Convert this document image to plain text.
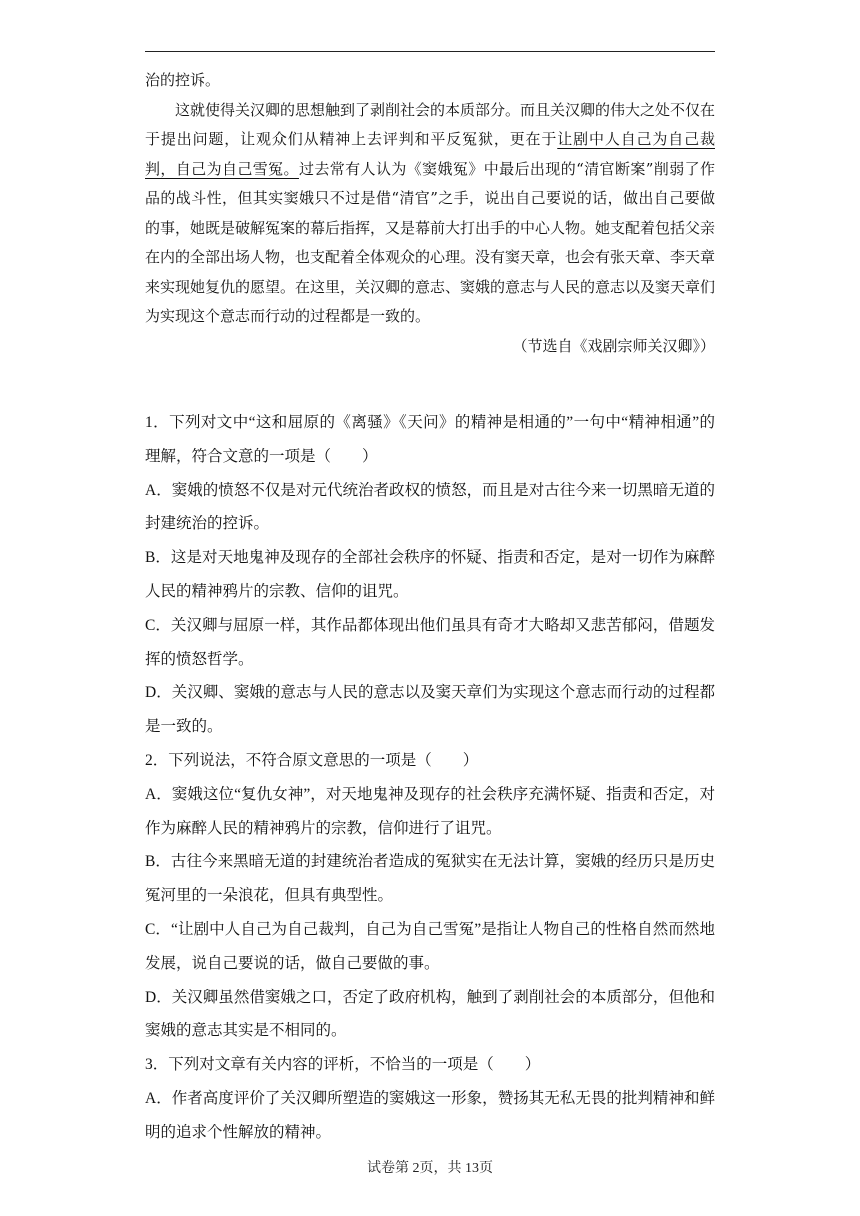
治的控诉。

这就使得关汉卿的思想触到了剥削社会的本质部分。而且关汉卿的伟大之处不仅在于提出问题，让观众们从精神上去评判和平反冤狱，更在于让剧中人自己为自己裁判，自己为自己雪冤。过去常有人认为《窦娥冤》中最后出现的“清官断案”削弱了作品的战斗性，但其实窦娥只不过是借“清官”之手，说出自己要说的话，做出自己要做的事，她既是破解冤案的幕后指挥，又是幕前大打出手的中心人物。她支配着包括父亲在内的全部出场人物，也支配着全体观众的心理。没有窦天章，也会有张天章、李天章来实现她复仇的愿望。在这里，关汉卿的意志、窦娥的意志与人民的意志以及窦天章们为实现这个意志而行动的过程都是一致的。

（节选自《戏剧宗师关汉卿》）

1．下列对文中“这和屈原的《离骚》《天问》的精神是相通的”一句中“精神相通”的理解，符合文意的一项是（　　）

A．窦娥的愤怒不仅是对元代统治者政权的愤怒，而且是对古往今来一切黑暗无道的封建统治的控诉。

B．这是对天地鬼神及现存的全部社会秩序的怀疑、指责和否定，是对一切作为麻醉人民的精神鸦片的宗教、信仰的诅咒。

C．关汉卿与屈原一样，其作品都体现出他们虽具有奇才大略却又悲苦郁闷，借题发挥的愤怒哲学。

D．关汉卿、窦娥的意志与人民的意志以及窦天章们为实现这个意志而行动的过程都是一致的。

2．下列说法，不符合原文意思的一项是（　　）

A．窦娥这位“复仇女神”，对天地鬼神及现存的社会秩序充满怀疑、指责和否定，对作为麻醉人民的精神鸦片的宗教，信仰进行了诅咒。

B．古往今来黑暗无道的封建统治者造成的冤狱实在无法计算，窦娥的经历只是历史冤河里的一朵浪花，但具有典型性。

C．“让剧中人自己为自己裁判，自己为自己雪冤”是指让人物自己的性格自然而然地发展，说自己要说的话，做自己要做的事。

D．关汉卿虽然借窦娥之口，否定了政府机构，触到了剥削社会的本质部分，但他和窦娥的意志其实是不相同的。

3．下列对文章有关内容的评析，不恰当的一项是（　　）

A．作者高度评价了关汉卿所塑造的窦娥这一形象，赞扬其无私无畏的批判精神和鲜明的追求个性解放的精神。

试卷第 2页，共 13页
